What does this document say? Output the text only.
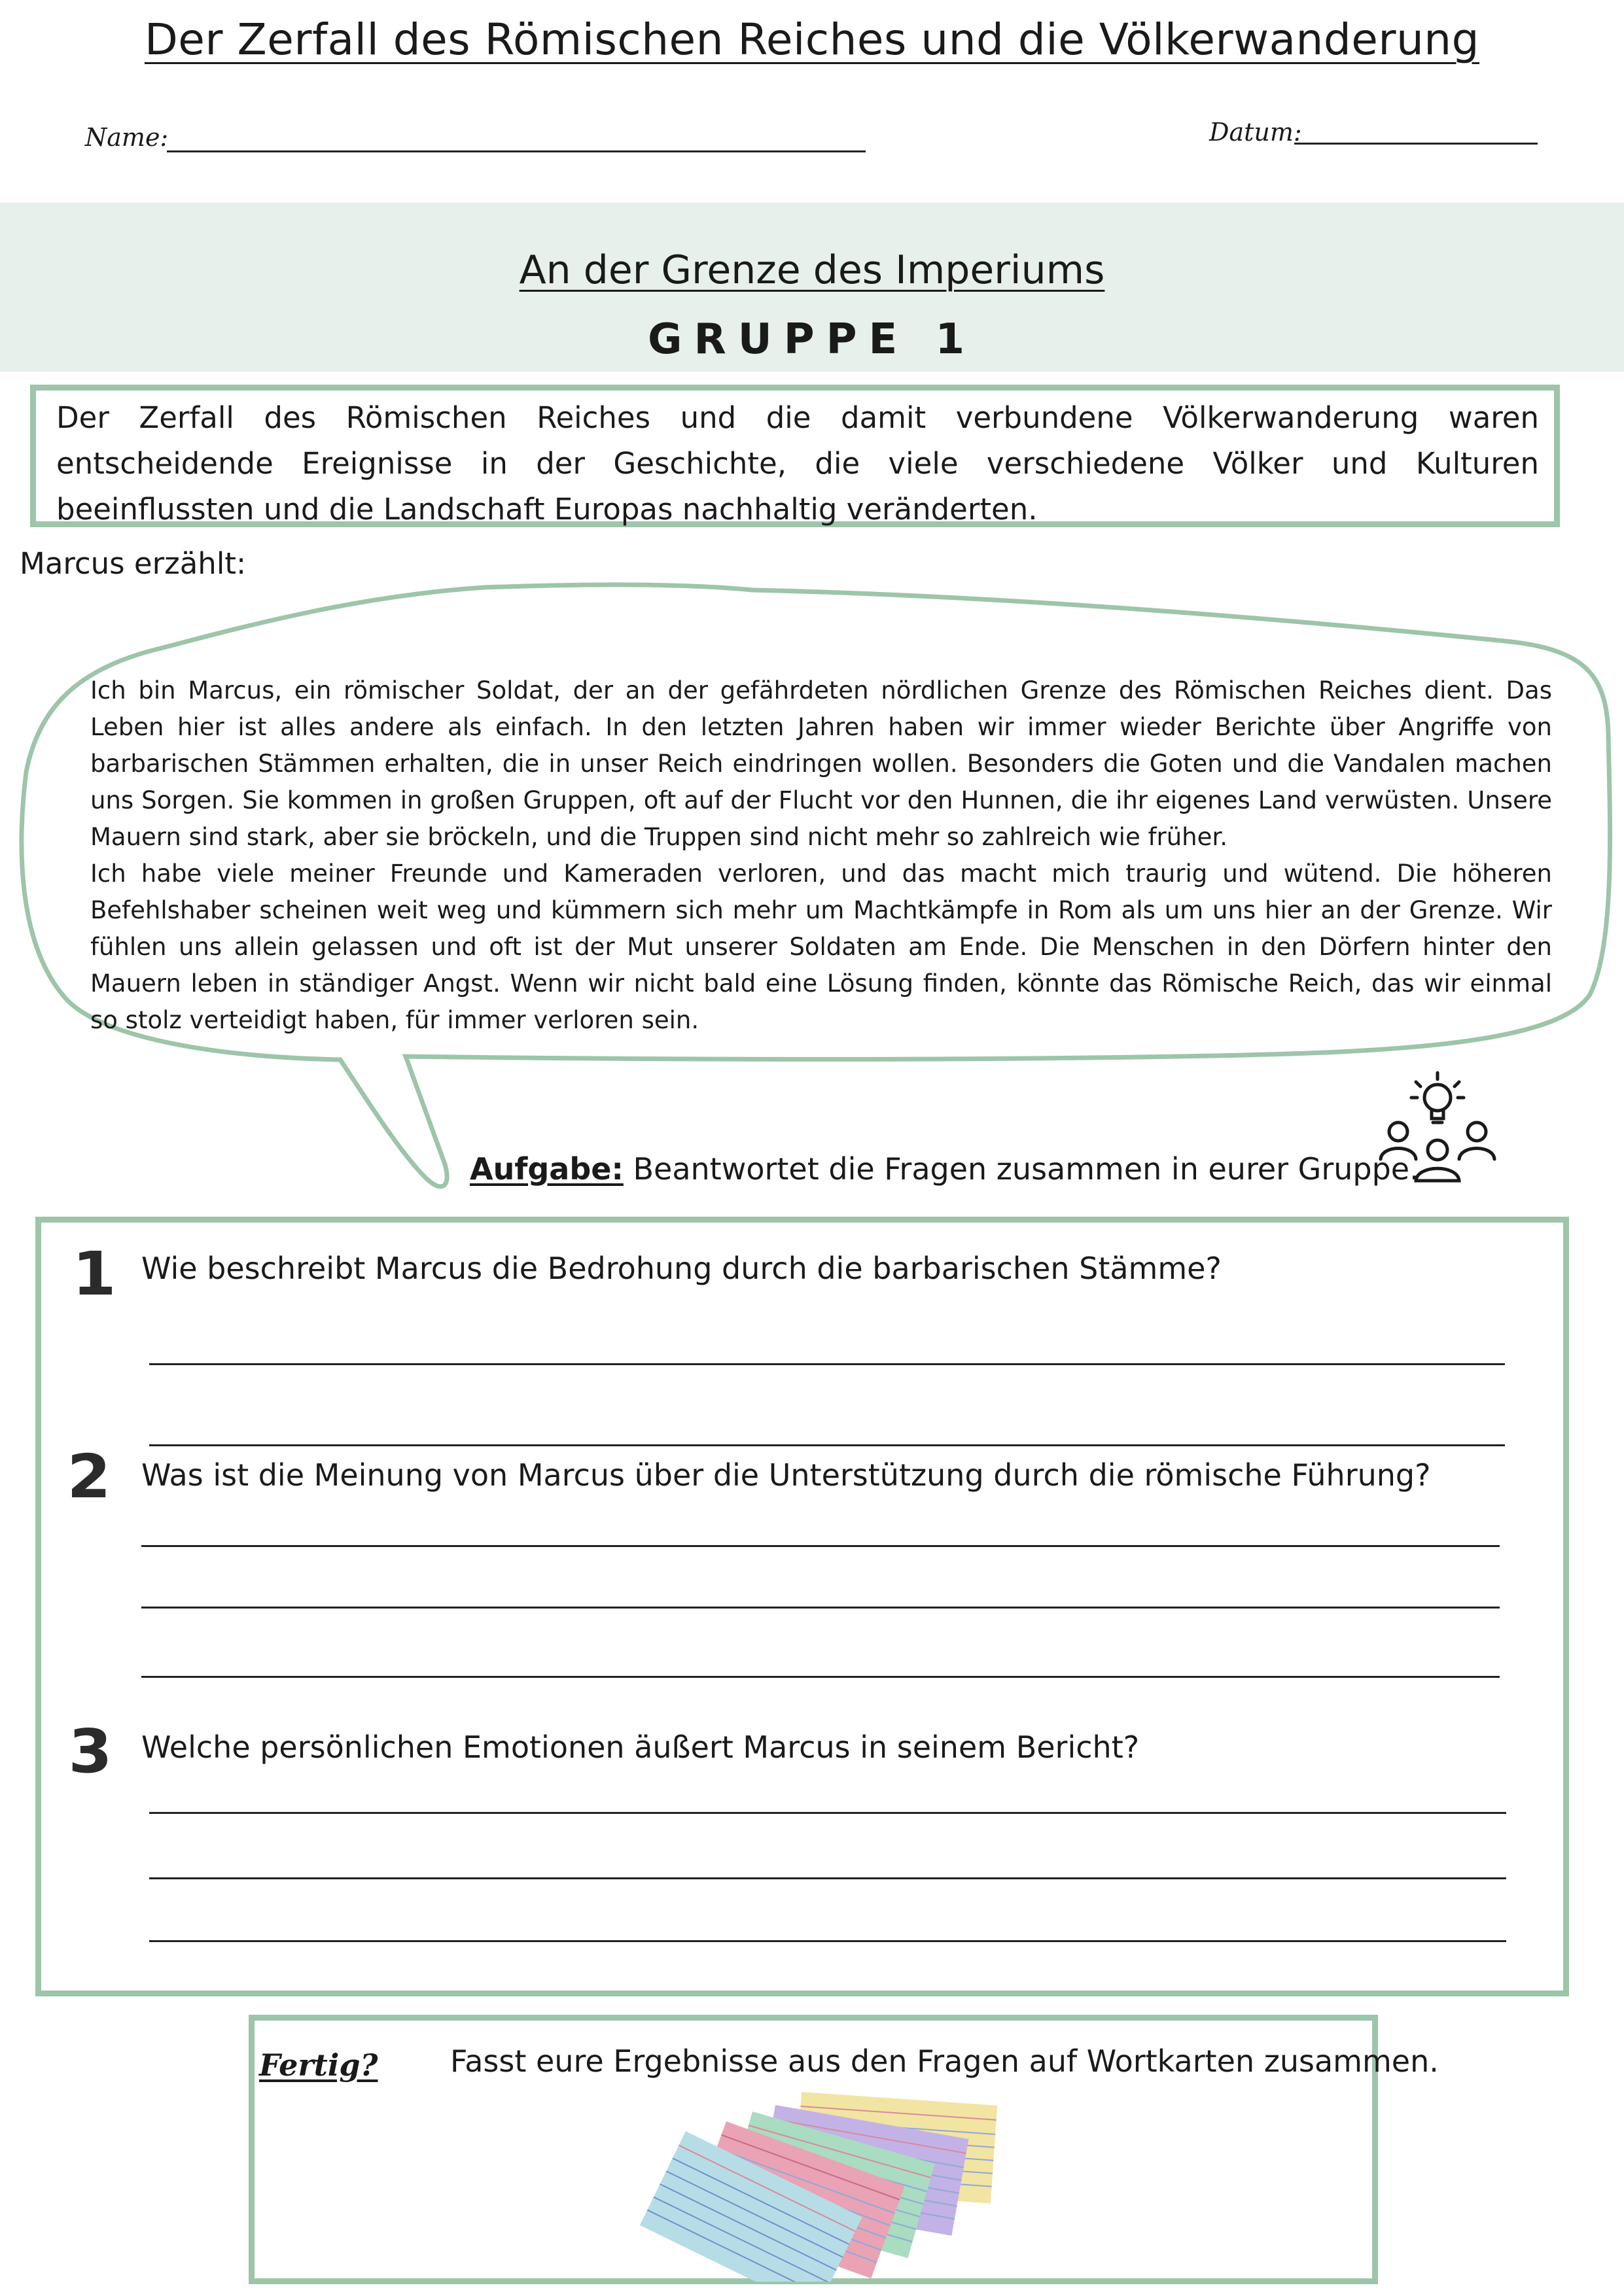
Der Zerfall des Römischen Reiches und die Völkerwanderung
Name:	Datum:
An der Grenze des Imperiums
GRUPPE 1
Der Zerfall des Römischen Reiches und die damit verbundene Völkerwanderung waren entscheidende Ereignisse in der Geschichte, die viele verschiedene Völker und Kulturen beeinflussten und die Landschaft Europas nachhaltig veränderten.
Marcus erzählt:

Ich bin Marcus, ein römischer Soldat, der an der gefährdeten nördlichen Grenze des Römischen Reiches dient. Das Leben hier ist alles andere als einfach. In den letzten Jahren haben wir immer wieder Berichte über Angriffe von barbarischen Stämmen erhalten, die in unser Reich eindringen wollen. Besonders die Goten und die Vandalen machen uns Sorgen. Sie kommen in großen Gruppen, oft auf der Flucht vor den Hunnen, die ihr eigenes Land verwüsten. Unsere Mauern sind stark, aber sie bröckeln, und die Truppen sind nicht mehr so zahlreich wie früher.

Ich habe viele meiner Freunde und Kameraden verloren, und das macht mich traurig und wütend. Die höheren Befehlshaber scheinen weit weg und kümmern sich mehr um Machtkämpfe in Rom als um uns hier an der Grenze. Wir fühlen uns allein gelassen und oft ist der Mut unserer Soldaten am Ende. Die Menschen in den Dörfern hinter den Mauern leben in ständiger Angst. Wenn wir nicht bald eine Lösung finden, könnte das Römische Reich, das wir einmal so stolz verteidigt haben, für immer verloren sein.

Aufgabe: Beantwortet die Fragen zusammen in eurer Gruppe.
1 Wie beschreibt Marcus die Bedrohung durch die barbarischen Stämme?
2 Was ist die Meinung von Marcus über die Unterstützung durch die römische Führung?
3 Welche persönlichen Emotionen äußert Marcus in seinem Bericht?
Fertig? Fasst eure Ergebnisse aus den Fragen auf Wortkarten zusammen.
